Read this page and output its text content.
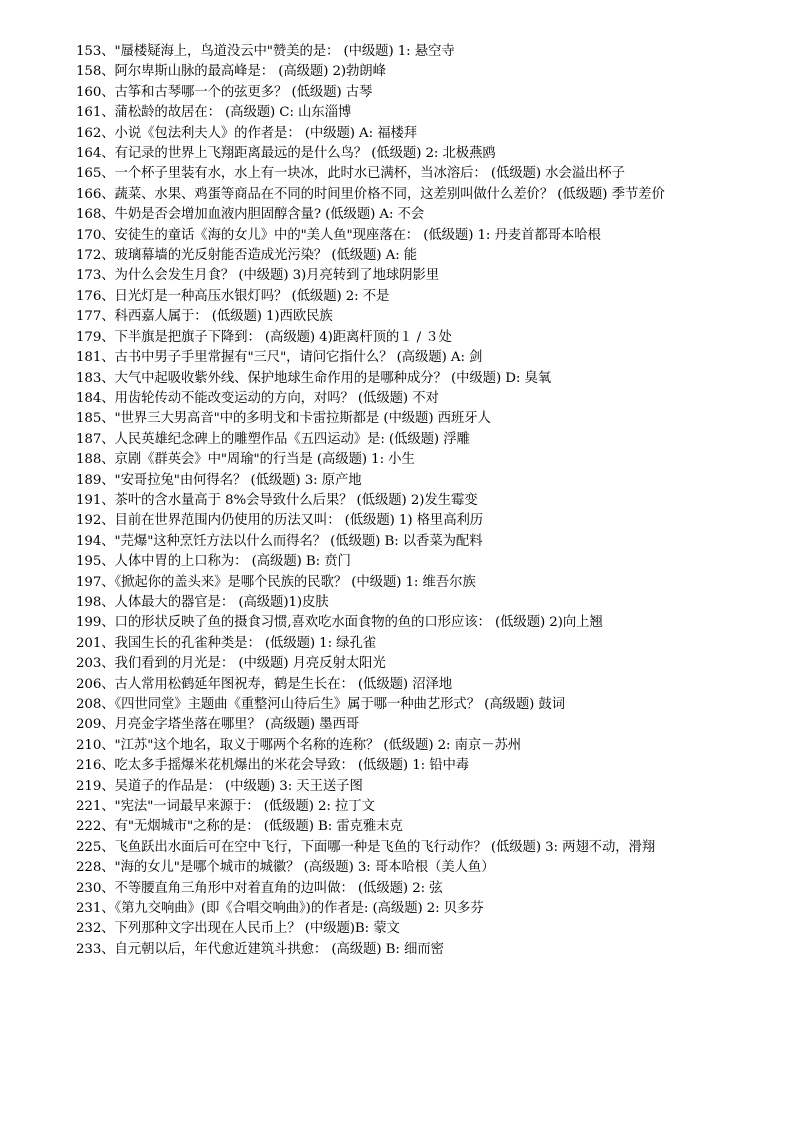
153、"蜃楼疑海上，鸟道没云中"赞美的是： (中级题) 1: 悬空寺
158、阿尔卑斯山脉的最高峰是： (高级题) 2)勃朗峰
160、古筝和古琴哪一个的弦更多？ (低级题) 古琴
161、蒲松龄的故居在： (高级题) C: 山东淄博
162、小说《包法利夫人》的作者是： (中级题) A: 福楼拜
164、有记录的世界上飞翔距离最远的是什么鸟？ (低级题) 2: 北极燕鸥
165、一个杯子里装有水，水上有一块冰，此时水已满杯，当冰溶后： (低级题) 水会溢出杯子
166、蔬菜、水果、鸡蛋等商品在不同的时间里价格不同，这差别叫做什么差价？ (低级题) 季节差价
168、牛奶是否会增加血液内胆固醇含量? (低级题) A: 不会
170、安徒生的童话《海的女儿》中的"美人鱼"现座落在： (低级题) 1: 丹麦首都哥本哈根
172、玻璃幕墙的光反射能否造成光污染？ (低级题) A: 能
173、为什么会发生月食？ (中级题) 3)月亮转到了地球阴影里
176、日光灯是一种高压水银灯吗？ (低级题) 2: 不是
177、科西嘉人属于： (低级题) 1)西欧民族
179、下半旗是把旗子下降到： (高级题) 4)距离杆顶的１ / ３处
181、古书中男子手里常握有"三尺"，请问它指什么？ (高级题) A: 剑
183、大气中起吸收紫外线、保护地球生命作用的是哪种成分？ (中级题) D: 臭氧
184、用齿轮传动不能改变运动的方向，对吗？ (低级题) 不对
185、"世界三大男高音"中的多明戈和卡雷拉斯都是 (中级题) 西班牙人
187、人民英雄纪念碑上的雕塑作品《五四运动》是: (低级题) 浮雕
188、京剧《群英会》中"周瑜"的行当是 (高级题) 1: 小生
189、"安哥拉兔"由何得名？ (低级题) 3: 原产地
191、茶叶的含水量高于 8%会导致什么后果？ (低级题) 2)发生霉变
192、目前在世界范围内仍使用的历法又叫： (低级题) 1) 格里高利历
194、"芫爆"这种烹饪方法以什么而得名？ (低级题) B: 以香菜为配料
195、人体中胃的上口称为： (高级题) B: 贲门
197、《掀起你的盖头来》是哪个民族的民歌？ (中级题) 1: 维吾尔族
198、人体最大的器官是： (高级题)1)皮肤
199、口的形状反映了鱼的摄食习惯,喜欢吃水面食物的鱼的口形应该： (低级题) 2)向上翘
201、我国生长的孔雀种类是： (低级题) 1: 绿孔雀
203、我们看到的月光是： (中级题) 月亮反射太阳光
206、古人常用松鹤延年图祝寿，鹤是生长在： (低级题) 沼泽地
208、《四世同堂》主题曲《重整河山待后生》属于哪一种曲艺形式？ (高级题) 鼓词
209、月亮金字塔坐落在哪里？ (高级题) 墨西哥
210、"江苏"这个地名，取义于哪两个名称的连称？ (低级题) 2: 南京－苏州
216、吃太多手摇爆米花机爆出的米花会导致： (低级题) 1: 铅中毒
219、吴道子的作品是： (中级题) 3: 天王送子图
221、"宪法"一词最早来源于： (低级题) 2: 拉丁文
222、有"无烟城市"之称的是： (低级题) B: 雷克雅末克
225、飞鱼跃出水面后可在空中飞行，下面哪一种是飞鱼的飞行动作？ (低级题) 3: 两翅不动，滑翔
228、"海的女儿"是哪个城市的城徽？ (高级题) 3: 哥本哈根（美人鱼）
230、不等腰直角三角形中对着直角的边叫做： (低级题) 2: 弦
231、《第九交响曲》(即《合唱交响曲》)的作者是: (高级题) 2: 贝多芬
232、下列那种文字出现在人民币上？ (中级题)B: 蒙文
233、自元朝以后，年代愈近建筑斗拱愈： (高级题) B: 细而密
